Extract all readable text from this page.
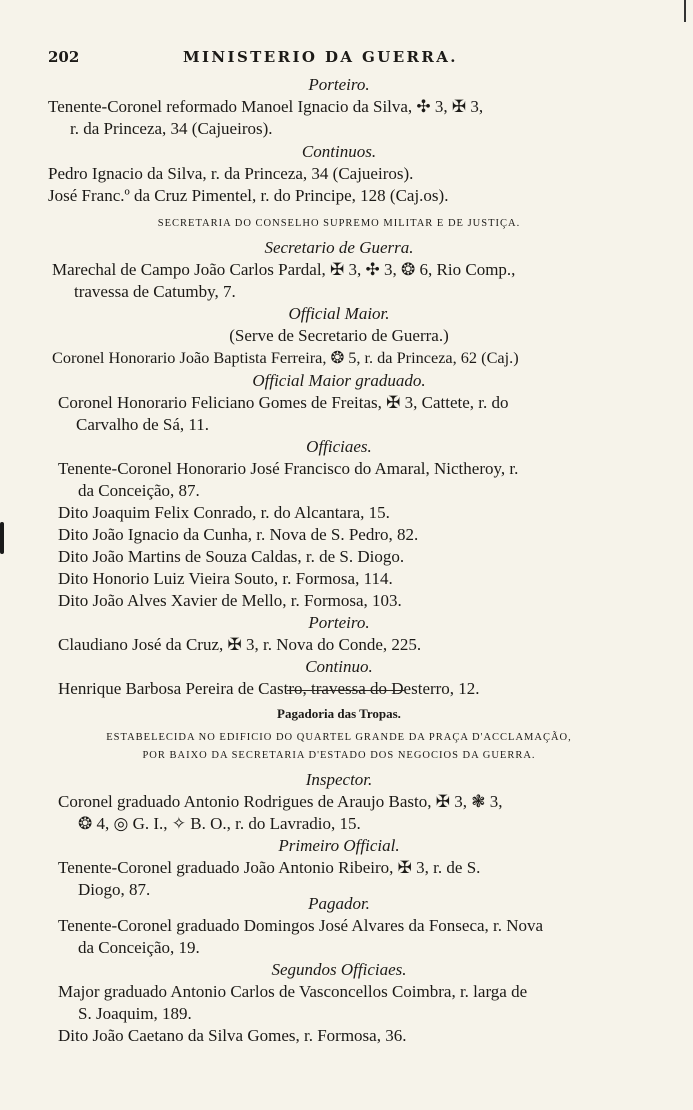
202	MINISTERIO DA GUERRA.
Porteiro.
Tenente-Coronel reformado Manoel Ignacio da Silva, ✣ 3, ✠ 3,
r. da Princeza, 34 (Cajueiros).
Continuos.
Pedro Ignacio da Silva, r. da Princeza, 34 (Cajueiros).
José Franc.º da Cruz Pimentel, r. do Principe, 128 (Caj.os).
SECRETARIA DO CONSELHO SUPREMO MILITAR E DE JUSTIÇA.
Secretario de Guerra.
Marechal de Campo João Carlos Pardal, ✠ 3, ✣ 3, ❂ 6, Rio Comp.,
travessa de Catumby, 7.
Official Maior.
(Serve de Secretario de Guerra.)
Coronel Honorario João Baptista Ferreira, ❂ 5, r. da Princeza, 62 (Caj.)
Official Maior graduado.
Coronel Honorario Feliciano Gomes de Freitas, ✠ 3, Cattete, r. do
Carvalho de Sá, 11.
Officiaes.
Tenente-Coronel Honorario José Francisco do Amaral, Nictheroy, r.
da Conceição, 87.
Dito Joaquim Felix Conrado, r. do Alcantara, 15.
Dito João Ignacio da Cunha, r. Nova de S. Pedro, 82.
Dito João Martins de Souza Caldas, r. de S. Diogo.
Dito Honorio Luiz Vieira Souto, r. Formosa, 114.
Dito João Alves Xavier de Mello, r. Formosa, 103.
Porteiro.
Claudiano José da Cruz, ✠ 3, r. Nova do Conde, 225.
Continuo.
Henrique Barbosa Pereira de Castro, travessa do Desterro, 12.
Pagadoria das Tropas.
ESTABELECIDA NO EDIFICIO DO QUARTEL GRANDE DA PRAÇA D'ACCLAMAÇÃO,
POR BAIXO DA SECRETARIA D'ESTADO DOS NEGOCIOS DA GUERRA.
Inspector.
Coronel graduado Antonio Rodrigues de Araujo Basto, ✠ 3, ❃ 3,
❂ 4, ◎ G. I., ✧ B. O., r. do Lavradio, 15.
Primeiro Official.
Tenente-Coronel graduado João Antonio Ribeiro, ✠ 3, r. de S.
Diogo, 87.
Pagador.
Tenente-Coronel graduado Domingos José Alvares da Fonseca, r. Nova
da Conceição, 19.
Segundos Officiaes.
Major graduado Antonio Carlos de Vasconcellos Coimbra, r. larga de
S. Joaquim, 189.
Dito João Caetano da Silva Gomes, r. Formosa, 36.
